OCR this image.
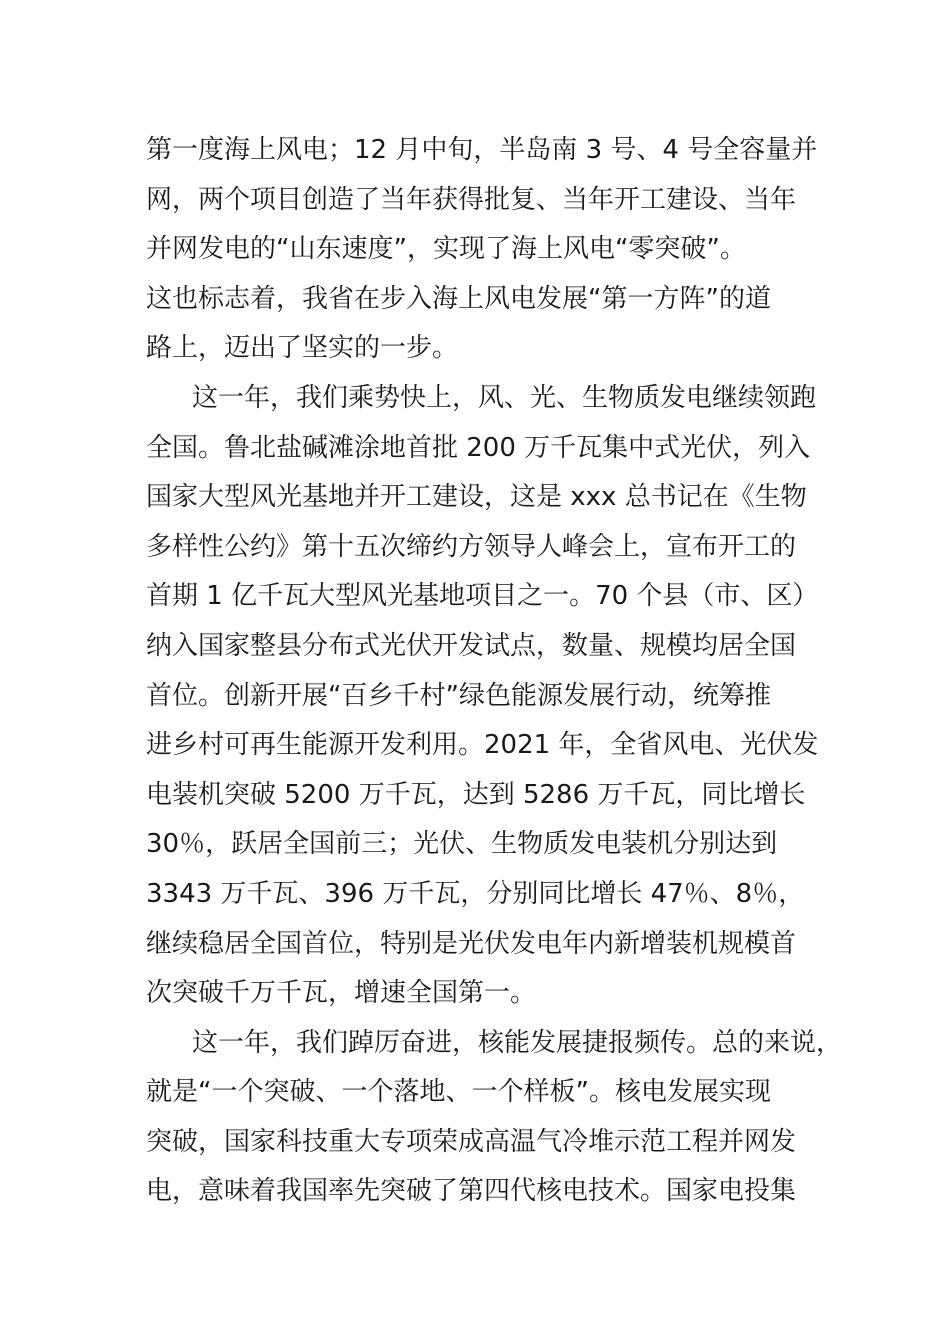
第一度海上风电；12 月中旬，半岛南 3 号、4 号全容量并
网，两个项目创造了当年获得批复、当年开工建设、当年
并网发电的“山东速度”，实现了海上风电“零突破”。
这也标志着，我省在步入海上风电发展“第一方阵”的道
路上，迈出了坚实的一步。

这一年，我们乘势快上，风、光、生物质发电继续领跑
全国。鲁北盐碱滩涂地首批 200 万千瓦集中式光伏，列入
国家大型风光基地并开工建设，这是 xxx 总书记在《生物
多样性公约》第十五次缔约方领导人峰会上，宣布开工的
首期 1 亿千瓦大型风光基地项目之一。70 个县（市、区）
纳入国家整县分布式光伏开发试点，数量、规模均居全国
首位。创新开展“百乡千村”绿色能源发展行动，统筹推
进乡村可再生能源开发利用。2021 年，全省风电、光伏发
电装机突破 5200 万千瓦，达到 5286 万千瓦，同比增长
30％，跃居全国前三；光伏、生物质发电装机分别达到
3343 万千瓦、396 万千瓦，分别同比增长 47％、8％，
继续稳居全国首位，特别是光伏发电年内新增装机规模首
次突破千万千瓦，增速全国第一。

这一年，我们踔厉奋进，核能发展捷报频传。总的来说，
就是“一个突破、一个落地、一个样板”。核电发展实现
突破，国家科技重大专项荣成高温气冷堆示范工程并网发
电，意味着我国率先突破了第四代核电技术。国家电投集
